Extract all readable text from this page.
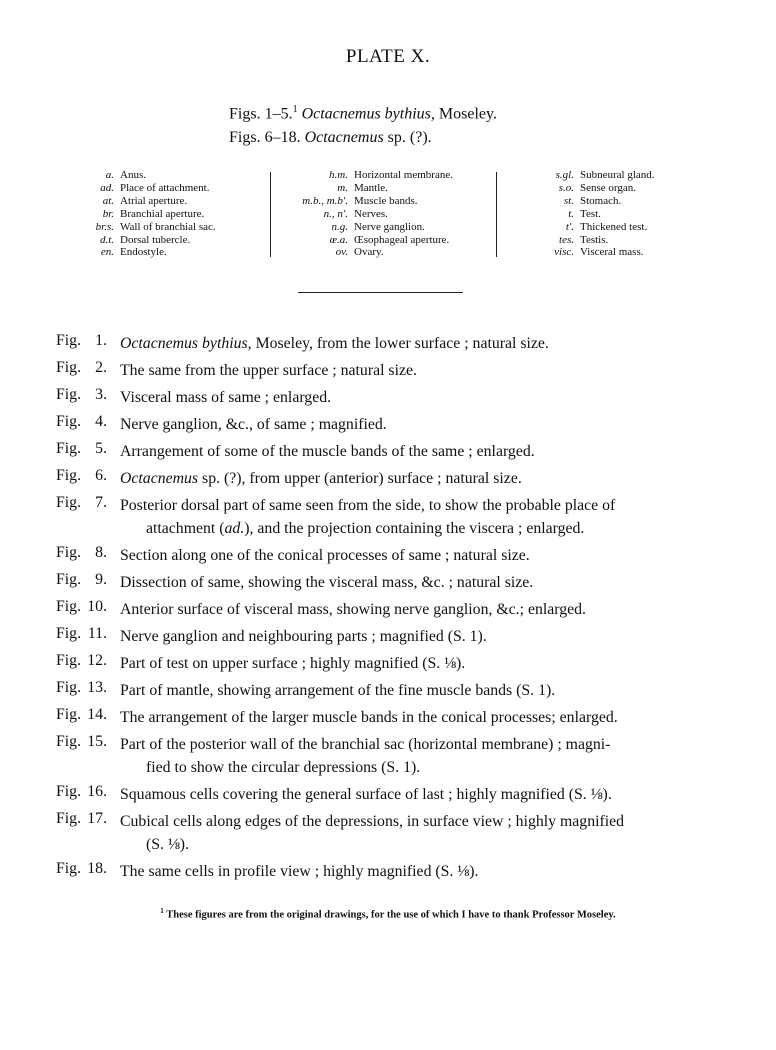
PLATE X.
Figs. 1–5.$^1$ Octacnemus bythius, Moseley.
Figs. 6–18. Octacnemus sp. (?).
a. Anus.
ad. Place of attachment.
at. Atrial aperture.
br. Branchial aperture.
br.s. Wall of branchial sac.
d.t. Dorsal tubercle.
en. Endostyle.
h.m. Horizontal membrane.
m. Mantle.
m.b., m.b'. Muscle bands.
n., n'. Nerves.
n.g. Nerve ganglion.
œ.a. Œsophageal aperture.
ov. Ovary.
s.gl. Subneural gland.
s.o. Sense organ.
st. Stomach.
t. Test.
t'. Thickened test.
tes. Testis.
visc. Visceral mass.
Fig. 1. Octacnemus bythius, Moseley, from the lower surface ; natural size.
Fig. 2. The same from the upper surface ; natural size.
Fig. 3. Visceral mass of same ; enlarged.
Fig. 4. Nerve ganglion, &c., of same ; magnified.
Fig. 5. Arrangement of some of the muscle bands of the same ; enlarged.
Fig. 6. Octacnemus sp. (?), from upper (anterior) surface ; natural size.
Fig. 7. Posterior dorsal part of same seen from the side, to show the probable place of
attachment (ad.), and the projection containing the viscera ; enlarged.
Fig. 8. Section along one of the conical processes of same ; natural size.
Fig. 9. Dissection of same, showing the visceral mass, &c. ; natural size.
Fig. 10. Anterior surface of visceral mass, showing nerve ganglion, &c.; enlarged.
Fig. 11. Nerve ganglion and neighbouring parts ; magnified (S. 1).
Fig. 12. Part of test on upper surface ; highly magnified (S. ⅛).
Fig. 13. Part of mantle, showing arrangement of the fine muscle bands (S. 1).
Fig. 14. The arrangement of the larger muscle bands in the conical processes; enlarged.
Fig. 15. Part of the posterior wall of the branchial sac (horizontal membrane) ; magni-
fied to show the circular depressions (S. 1).
Fig. 16. Squamous cells covering the general surface of last ; highly magnified (S. ⅛).
Fig. 17. Cubical cells along edges of the depressions, in surface view ; highly magnified
(S. ⅛).
Fig. 18. The same cells in profile view ; highly magnified (S. ⅛).
$^1$ These figures are from the original drawings, for the use of which I have to thank Professor Moseley.
